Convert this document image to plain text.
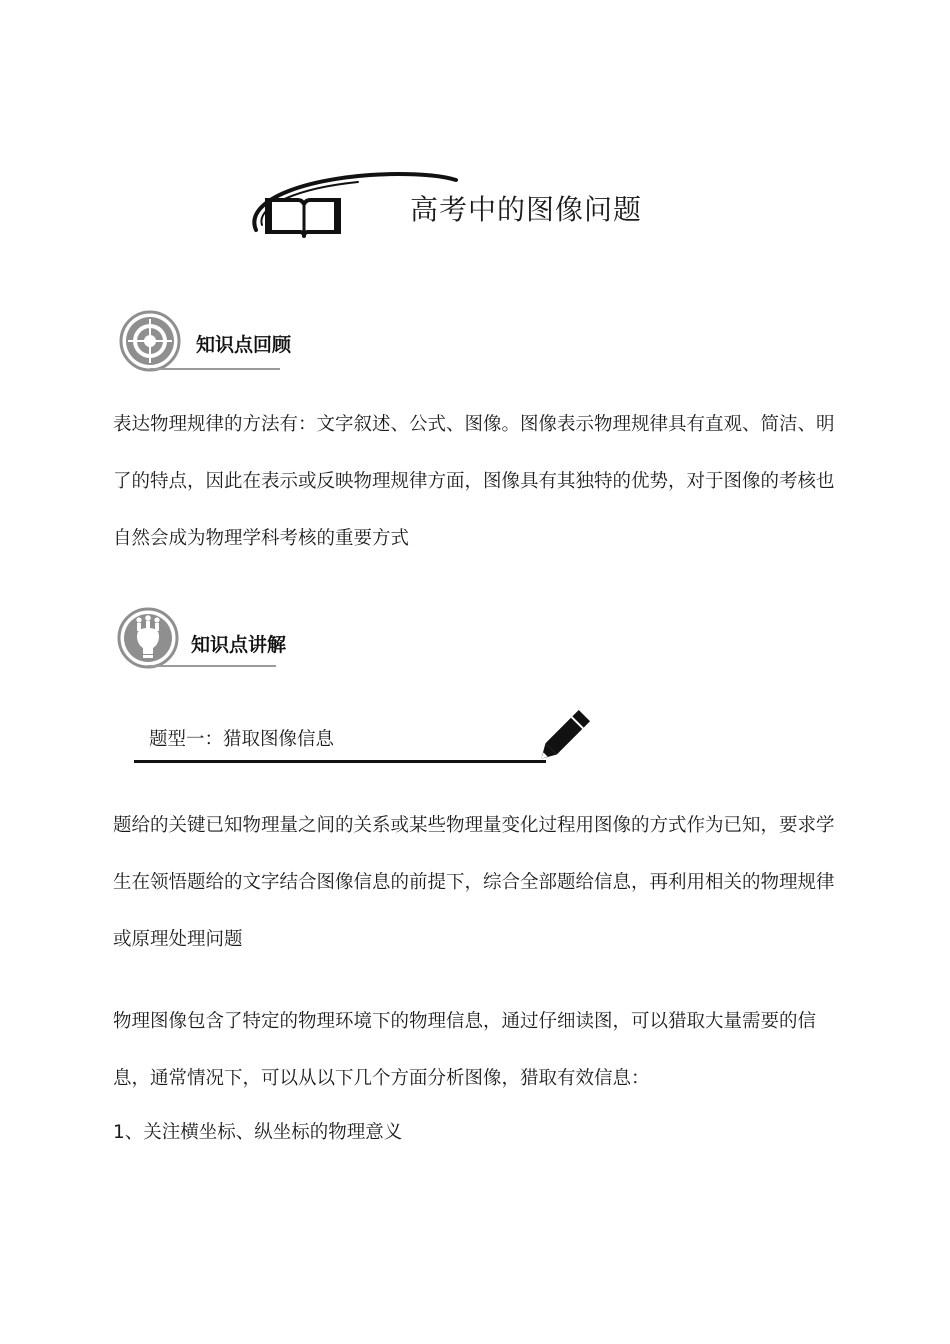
高考中的图像问题
知识点回顾
表达物理规律的方法有：文字叙述、公式、图像。图像表示物理规律具有直观、简洁、明了的特点，因此在表示或反映物理规律方面，图像具有其独特的优势，对于图像的考核也自然会成为物理学科考核的重要方式
知识点讲解
题型一：猎取图像信息
题给的关键已知物理量之间的关系或某些物理量变化过程用图像的方式作为已知，要求学生在领悟题给的文字结合图像信息的前提下，综合全部题给信息，再利用相关的物理规律或原理处理问题
物理图像包含了特定的物理环境下的物理信息，通过仔细读图，可以猎取大量需要的信息，通常情况下，可以从以下几个方面分析图像，猎取有效信息：
1、关注横坐标、纵坐标的物理意义
